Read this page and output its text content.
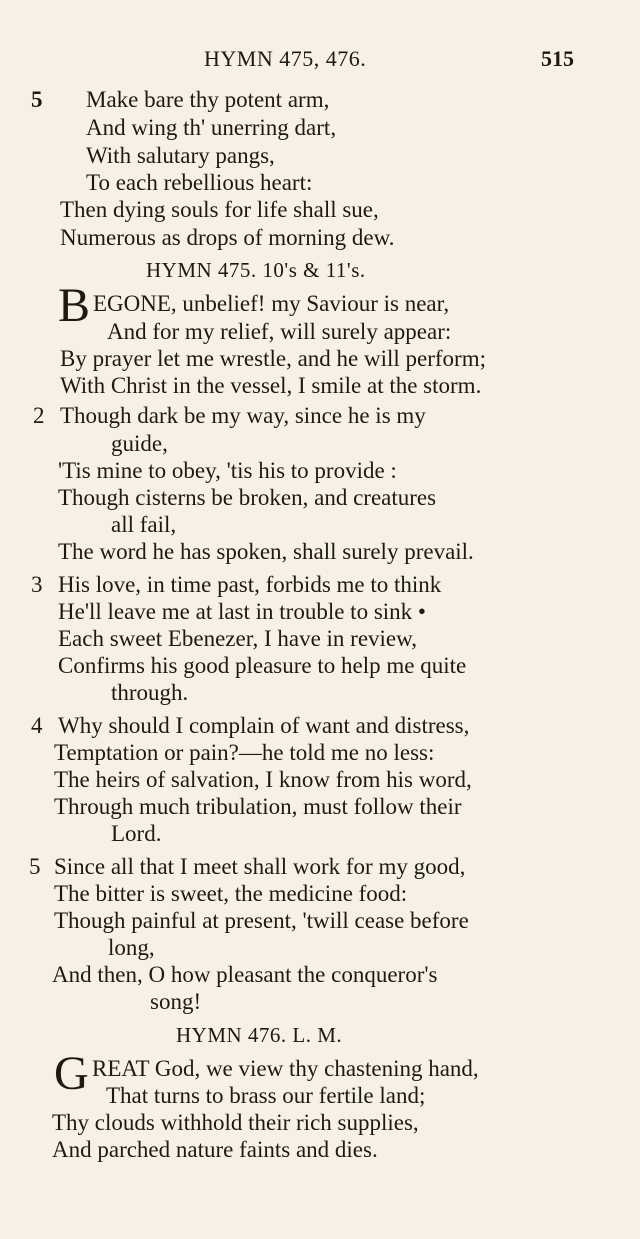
HYMN 475, 476.	515
5 Make bare thy potent arm,
And wing th' unerring dart,
With salutary pangs,
To each rebellious heart:
Then dying souls for life shall sue,
Numerous as drops of morning dew.
HYMN 475. 10's & 11's.
B EGONE, unbelief! my Saviour is near,
And for my relief, will surely appear:
By prayer let me wrestle, and he will perform;
With Christ in the vessel, I smile at the storm.
2 Though dark be my way, since he is my
guide,
'Tis mine to obey, 'tis his to provide :
Though cisterns be broken, and creatures
all fail,
The word he has spoken, shall surely prevail.
3 His love, in time past, forbids me to think
He'll leave me at last in trouble to sink •
Each sweet Ebenezer, I have in review,
Confirms his good pleasure to help me quite
through.
4 Why should I complain of want and distress,
Temptation or pain?—he told me no less:
The heirs of salvation, I know from his word,
Through much tribulation, must follow their
Lord.
5 Since all that I meet shall work for my good,
The bitter is sweet, the medicine food:
Though painful at present, 'twill cease before
long,
And then, O how pleasant the conqueror's
song!
HYMN 476. L. M.
G REAT God, we view thy chastening hand,
That turns to brass our fertile land;
Thy clouds withhold their rich supplies,
And parched nature faints and dies.
